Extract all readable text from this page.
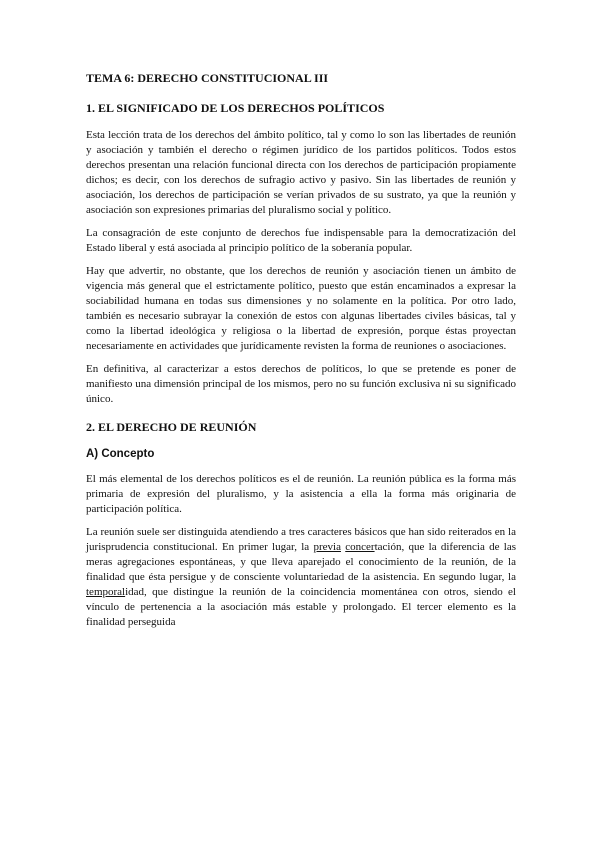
TEMA 6: DERECHO CONSTITUCIONAL III
1. EL SIGNIFICADO DE LOS DERECHOS POLÍTICOS

Esta lección trata de los derechos del ámbito político, tal y como lo son las libertades de reunión y asociación y también el derecho o régimen jurídico de los partidos políticos. Todos estos derechos presentan una relación funcional directa con los derechos de participación propiamente dichos; es decir, con los derechos de sufragio activo y pasivo. Sin las libertades de reunión y asociación, los derechos de participación se verían privados de su sustrato, ya que la reunión y asociación son expresiones primarias del pluralismo social y político.

La consagración de este conjunto de derechos fue indispensable para la democratización del Estado liberal y está asociada al principio político de la soberanía popular.

Hay que advertir, no obstante, que los derechos de reunión y asociación tienen un ámbito de vigencia más general que el estrictamente político, puesto que están encaminados a expresar la sociabilidad humana en todas sus dimensiones y no solamente en la política. Por otro lado, también es necesario subrayar la conexión de estos con algunas libertades civiles básicas, tal y como la libertad ideológica y religiosa o la libertad de expresión, porque éstas proyectan necesariamente en actividades que jurídicamente revisten la forma de reuniones o asociaciones.

En definitiva, al caracterizar a estos derechos de políticos, lo que se pretende es poner de manifiesto una dimensión principal de los mismos, pero no su función exclusiva ni su significado único.

2. EL DERECHO DE REUNIÓN
A) Concepto

El más elemental de los derechos políticos es el de reunión. La reunión pública es la forma más primaria de expresión del pluralismo, y la asistencia a ella la forma más originaria de participación política.

La reunión suele ser distinguida atendiendo a tres caracteres básicos que han sido reiterados en la jurisprudencia constitucional. En primer lugar, la previa concertación, que la diferencia de las meras agregaciones espontáneas, y que lleva aparejado el conocimiento de la reunión, de la finalidad que ésta persigue y de consciente voluntariedad de la asistencia. En segundo lugar, la temporalidad, que distingue la reunión de la coincidencia momentánea con otros, siendo el vínculo de pertenencia a la asociación más estable y prolongado. El tercer elemento es la finalidad perseguida
